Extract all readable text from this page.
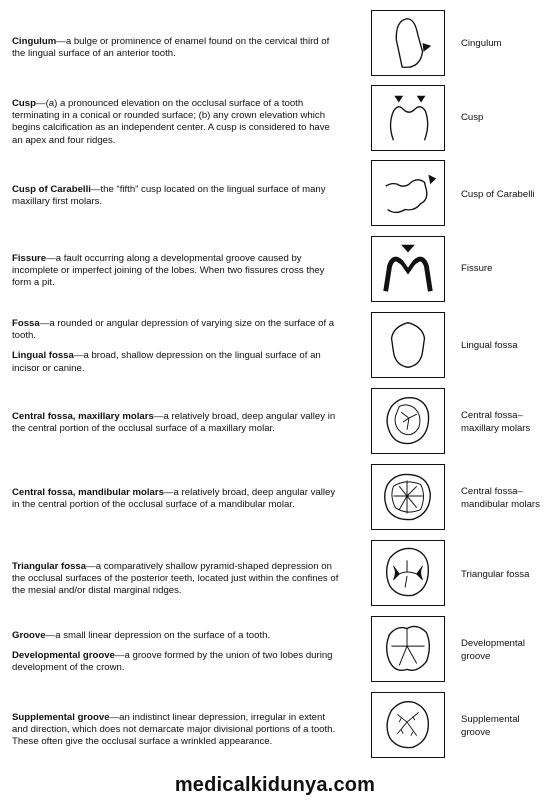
Cingulum—a bulge or prominence of enamel found on the cervical third of the lingual surface of an anterior tooth.

Cingulum

Cusp—(a) a pronounced elevation on the occlusal surface of a tooth terminating in a conical or rounded surface; (b) any crown elevation which begins calcification as an independent center. A cusp is considered to have an apex and four ridges.

Cusp

Cusp of Carabelli—the “fifth” cusp located on the lingual surface of many maxillary first molars.

Cusp of Carabelli

Fissure—a fault occurring along a developmental groove caused by incomplete or imperfect joining of the lobes. When two fissures cross they form a pit.

Fissure

Fossa—a rounded or angular depression of varying size on the surface of a tooth.

Lingual fossa—a broad, shallow depression on the lingual surface of an incisor or canine.

Lingual fossa

Central fossa, maxillary molars—a relatively broad, deep angular valley in the central portion of the occlusal surface of a maxillary molar.

Central fossa–
maxillary molars

Central fossa, mandibular molars—a relatively broad, deep angular valley in the central portion of the occlusal surface of a mandibular molar.

Central fossa–
mandibular molars

Triangular fossa—a comparatively shallow pyramid-shaped depression on the occlusal surfaces of the posterior teeth, located just within the confines of the mesial and/or distal marginal ridges.

Triangular fossa

Groove—a small linear depression on the surface of a tooth.

Developmental groove—a groove formed by the union of two lobes during development of the crown.

Developmental
groove

Supplemental groove—an indistinct linear depression, irregular in extent and direction, which does not demarcate major divisional portions of a tooth. These often give the occlusal surface a wrinkled appearance.

Supplemental
groove
medicalkidunya.com
